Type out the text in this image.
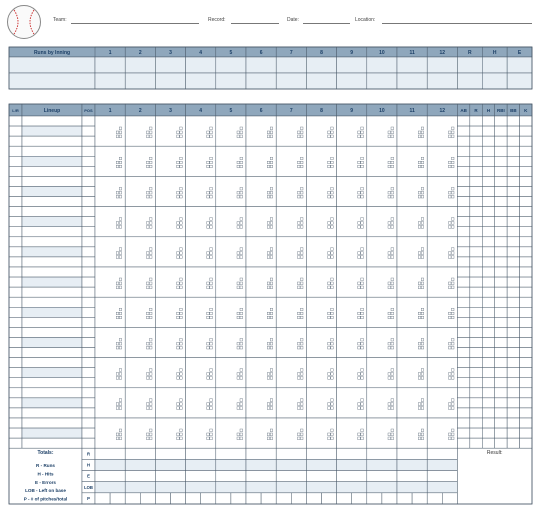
Team:	Record:	Date:	Location:
Runs by Inning	1	2	3	4	5	6	7	8	9	10	11	12	R	H	E
L/R	Lineup	POS	1	2	3	4	5	6	7	8	9	10	11	12	AB R H RBI BB K
Totals:
R - Runs
H - Hits
E - Errors
LOB - Left on base
P - # of pitches/total
R
H
E
LOB
P
Result:
